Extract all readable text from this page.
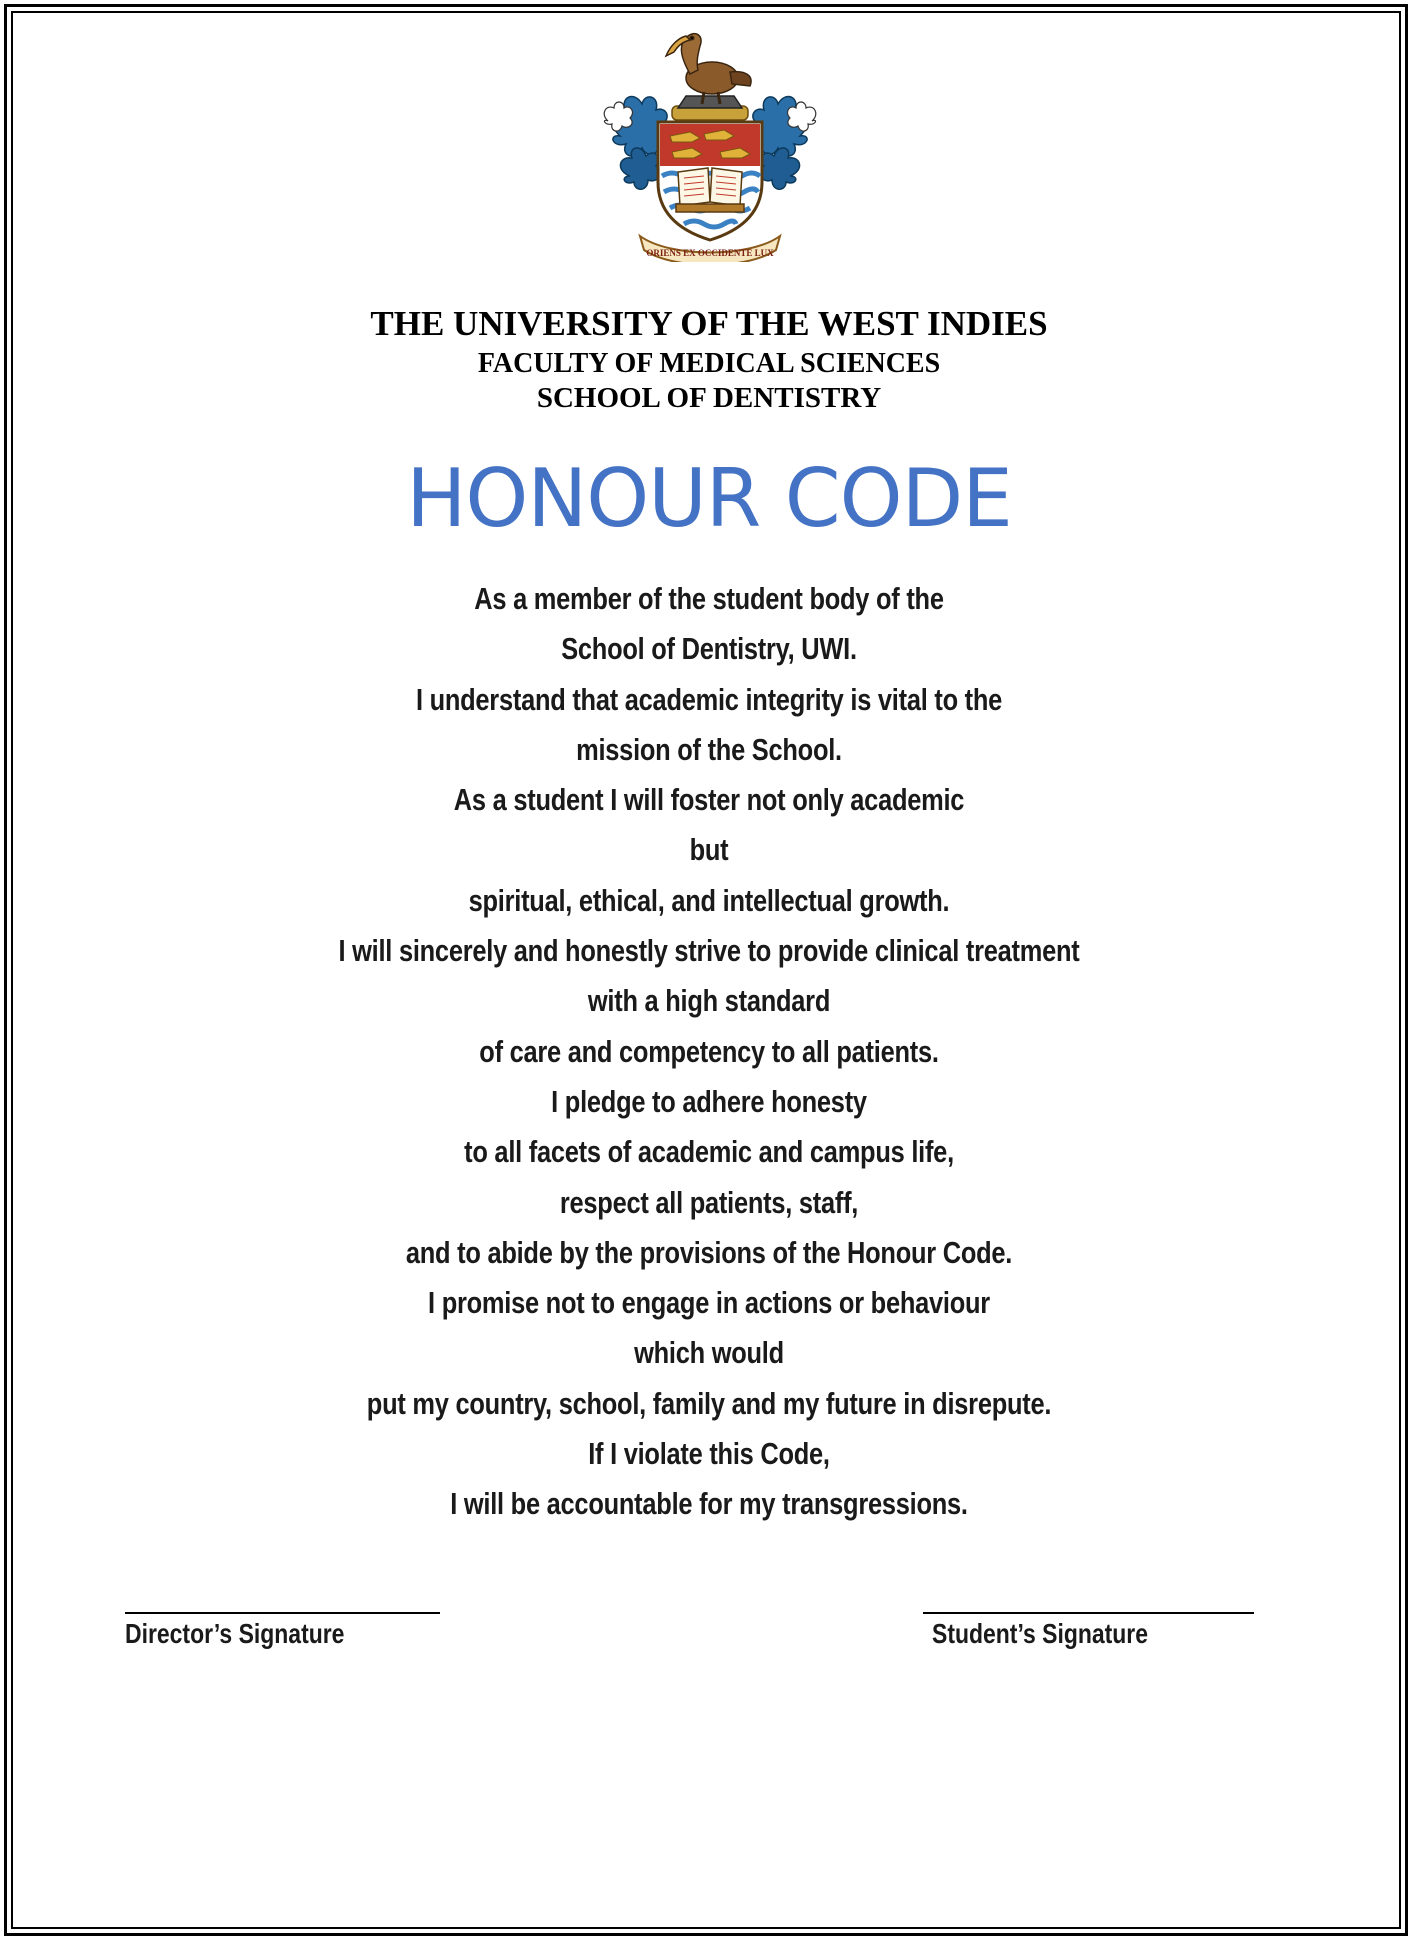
ORIENS EX OCCIDENTE LUX
THE UNIVERSITY OF THE WEST INDIES
FACULTY OF MEDICAL SCIENCES
SCHOOL OF DENTISTRY
HONOUR CODE
As a member of the student body of the
School of Dentistry, UWI.
I understand that academic integrity is vital to the
mission of the School.
As a student I will foster not only academic
but
spiritual, ethical, and intellectual growth.
I will sincerely and honestly strive to provide clinical treatment
with a high standard
of care and competency to all patients.
I pledge to adhere honesty
to all facets of academic and campus life,
respect all patients, staff,
and to abide by the provisions of the Honour Code.
I promise not to engage in actions or behaviour
which would
put my country, school, family and my future in disrepute.
If I violate this Code,
I will be accountable for my transgressions.
Director’s Signature	Student’s Signature
